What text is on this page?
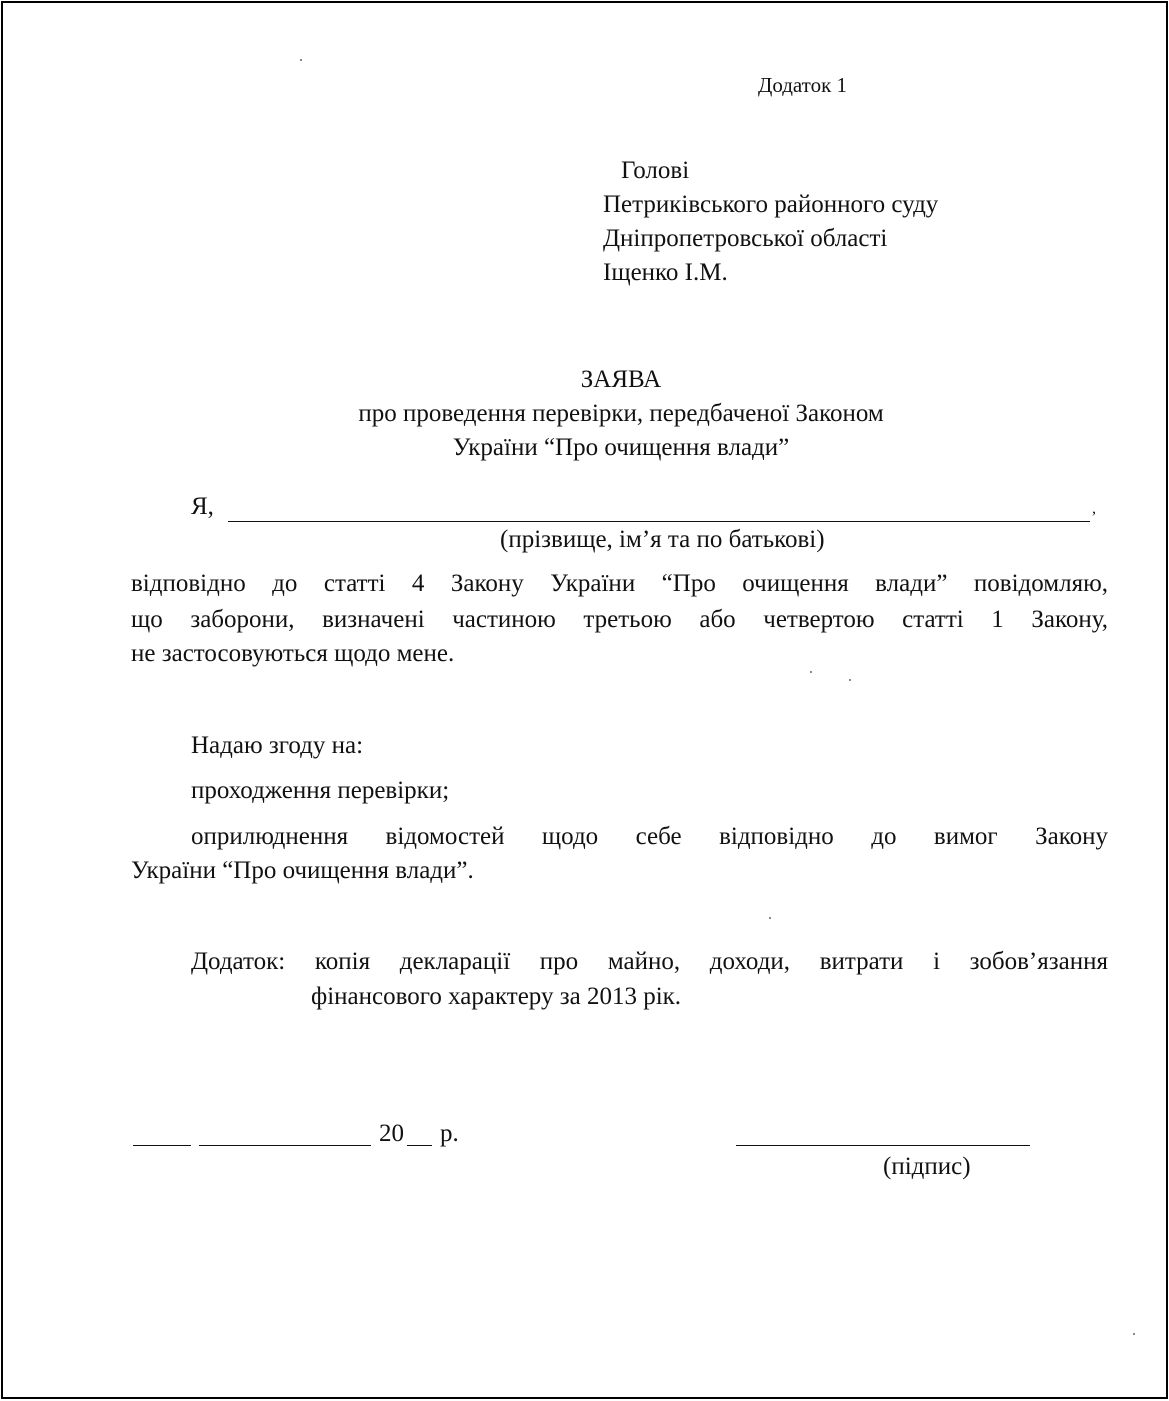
Додаток 1
Голові
Петриківського районного суду
Дніпропетровської області
Іщенко І.М.
ЗАЯВА
про проведення перевірки, передбаченої Законом
України “Про очищення влади”
Я,	,
(прізвище, ім’я та по батькові)
відповідно до статті 4 Закону України “Про очищення влади” повідомляю,
що заборони, визначені частиною третьою або четвертою статті 1 Закону,
не застосовуються щодо мене.
Надаю згоду на:
проходження перевірки;
оприлюднення відомостей щодо себе відповідно до вимог Закону
України “Про очищення влади”.
Додаток: копія декларації про майно, доходи, витрати і зобов’язання
фінансового характеру за 2013 рік.
20 р.
(підпис)
